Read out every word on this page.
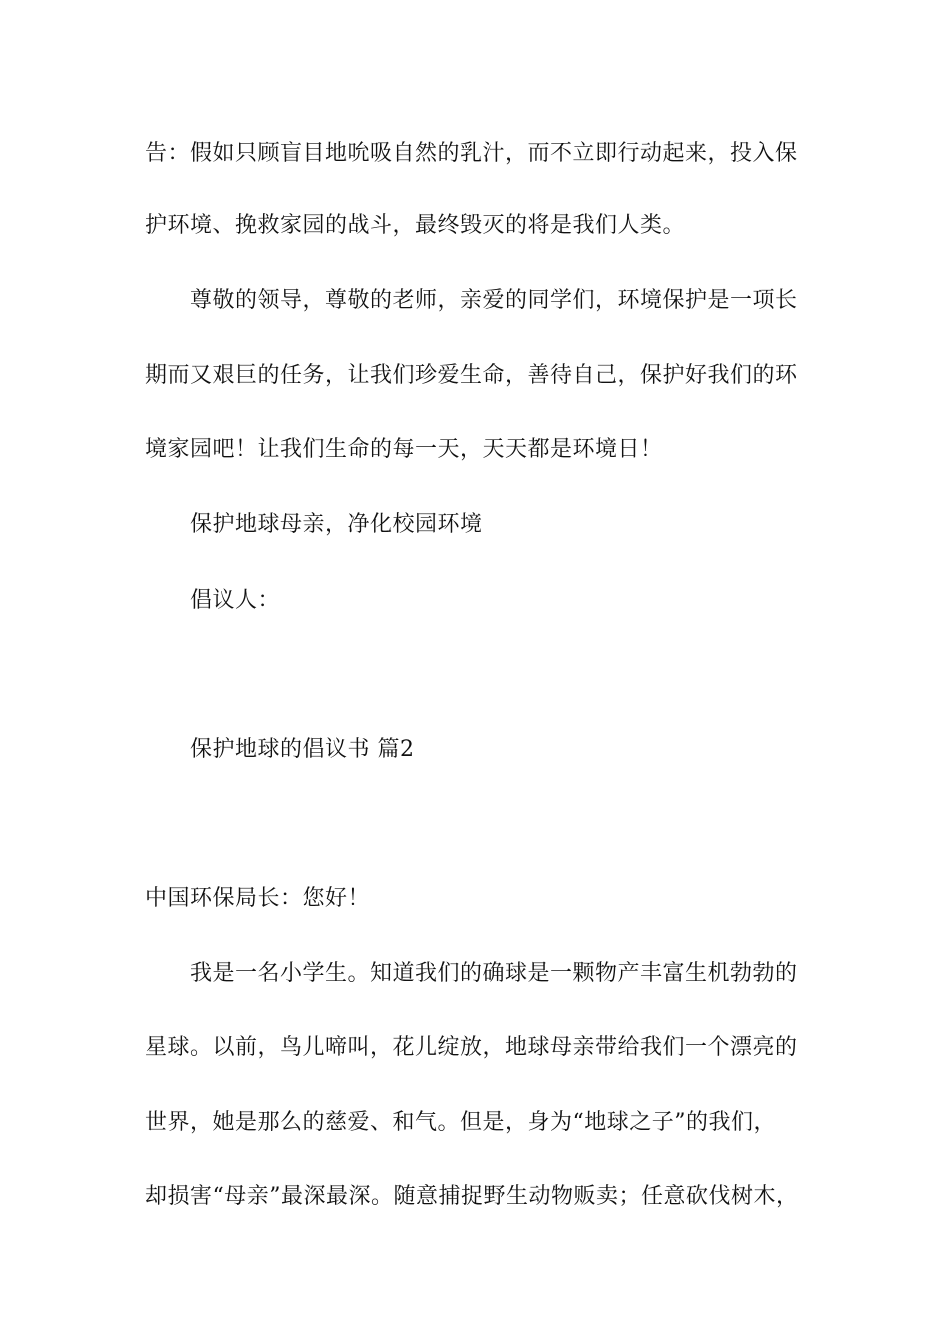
告：假如只顾盲目地吮吸自然的乳汁，而不立即行动起来，投入保
护环境、挽救家园的战斗，最终毁灭的将是我们人类。
尊敬的领导，尊敬的老师，亲爱的同学们，环境保护是一项长
期而又艰巨的任务，让我们珍爱生命，善待自己，保护好我们的环
境家园吧！让我们生命的每一天，天天都是环境日！
保护地球母亲，净化校园环境
倡议人：
保护地球的倡议书 篇2
中国环保局长：您好！
我是一名小学生。知道我们的确球是一颗物产丰富生机勃勃的
星球。以前，鸟儿啼叫，花儿绽放，地球母亲带给我们一个漂亮的
世界，她是那么的慈爱、和气。但是，身为“地球之子”的我们，
却损害“母亲”最深最深。随意捕捉野生动物贩卖；任意砍伐树木，
